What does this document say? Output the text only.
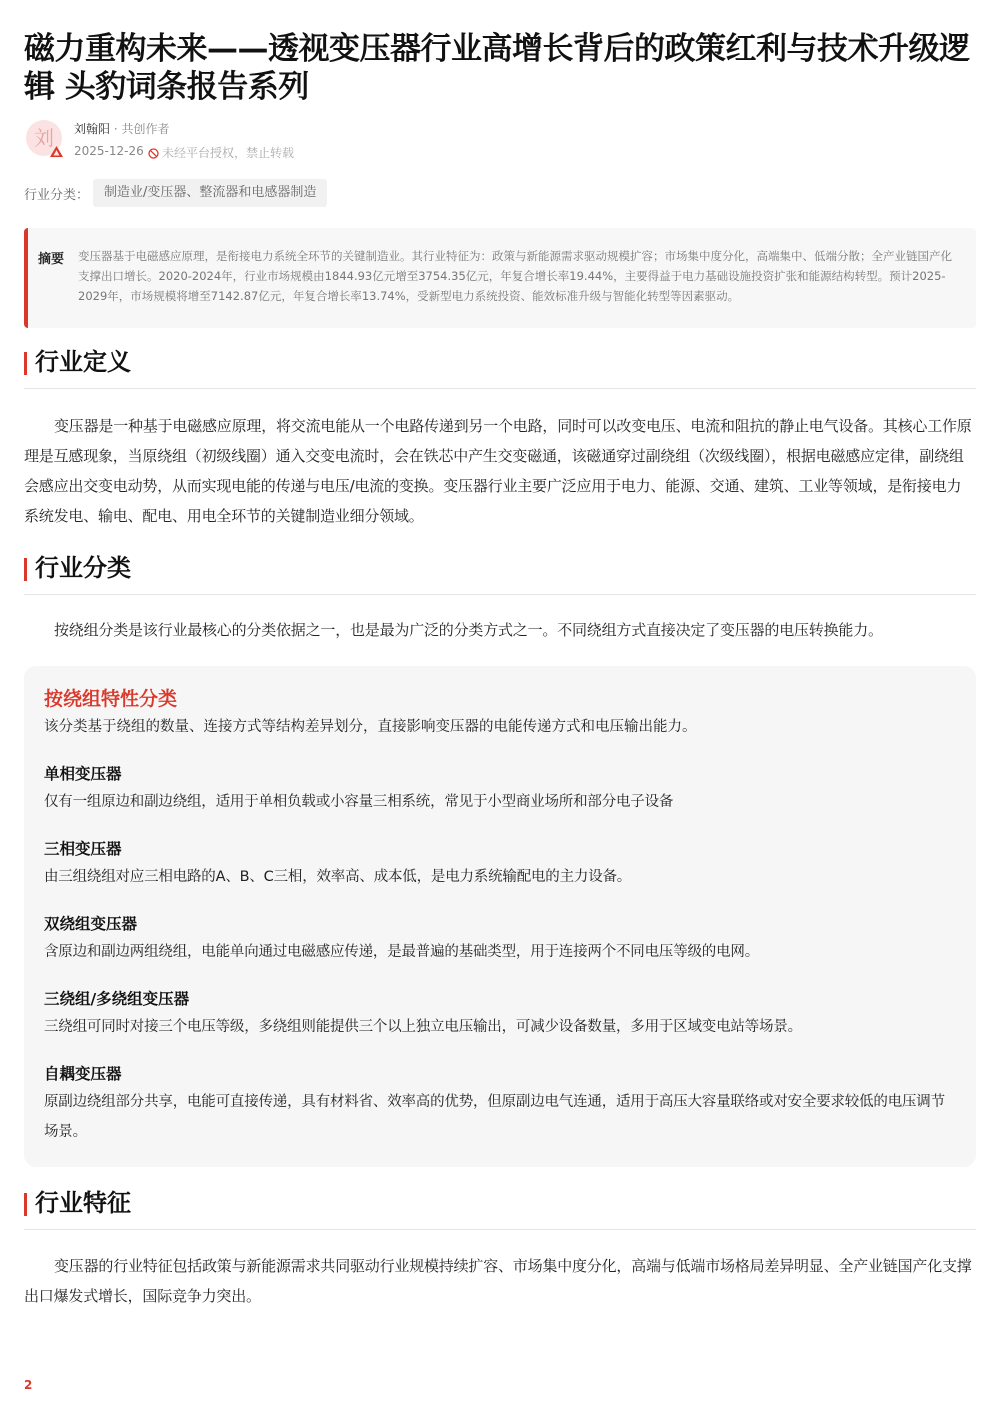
磁力重构未来——透视变压器行业高增长背后的政策红利与技术升级逻辑 头豹词条报告系列
刘	刘翰阳 · 共创作者
2025-12-26	未经平台授权，禁止转载
行业分类：	制造业/变压器、整流器和电感器制造
摘要 变压器基于电磁感应原理，是衔接电力系统全环节的关键制造业。其行业特征为：政策与新能源需求驱动规模扩容；市场集中度分化，高端集中、低端分散；全产业链国产化支撑出口增长。2020-2024年，行业市场规模由1844.93亿元增至3754.35亿元，年复合增长率19.44%，主要得益于电力基础设施投资扩张和能源结构转型。预计2025-2029年，市场规模将增至7142.87亿元，年复合增长率13.74%，受新型电力系统投资、能效标准升级与智能化转型等因素驱动。
行业定义
变压器是一种基于电磁感应原理，将交流电能从一个电路传递到另一个电路，同时可以改变电压、电流和阻抗的静止电气设备。其核心工作原理是互感现象，当原绕组（初级线圈）通入交变电流时，会在铁芯中产生交变磁通，该磁通穿过副绕组（次级线圈），根据电磁感应定律，副绕组会感应出交变电动势，从而实现电能的传递与电压/电流的变换。变压器行业主要广泛应用于电力、能源、交通、建筑、工业等领域，是衔接电力系统发电、输电、配电、用电全环节的关键制造业细分领域。
行业分类
按绕组分类是该行业最核心的分类依据之一，也是最为广泛的分类方式之一。不同绕组方式直接决定了变压器的电压转换能力。
按绕组特性分类
该分类基于绕组的数量、连接方式等结构差异划分，直接影响变压器的电能传递方式和电压输出能力。
单相变压器
仅有一组原边和副边绕组，适用于单相负载或小容量三相系统，常见于小型商业场所和部分电子设备
三相变压器
由三组绕组对应三相电路的A、B、C三相，效率高、成本低，是电力系统输配电的主力设备。
双绕组变压器
含原边和副边两组绕组，电能单向通过电磁感应传递，是最普遍的基础类型，用于连接两个不同电压等级的电网。
三绕组/多绕组变压器
三绕组可同时对接三个电压等级，多绕组则能提供三个以上独立电压输出，可减少设备数量，多用于区域变电站等场景。
自耦变压器
原副边绕组部分共享，电能可直接传递，具有材料省、效率高的优势，但原副边电气连通，适用于高压大容量联络或对安全要求较低的电压调节场景。
行业特征
变压器的行业特征包括政策与新能源需求共同驱动行业规模持续扩容、市场集中度分化，高端与低端市场格局差异明显、全产业链国产化支撑出口爆发式增长，国际竞争力突出。
2
